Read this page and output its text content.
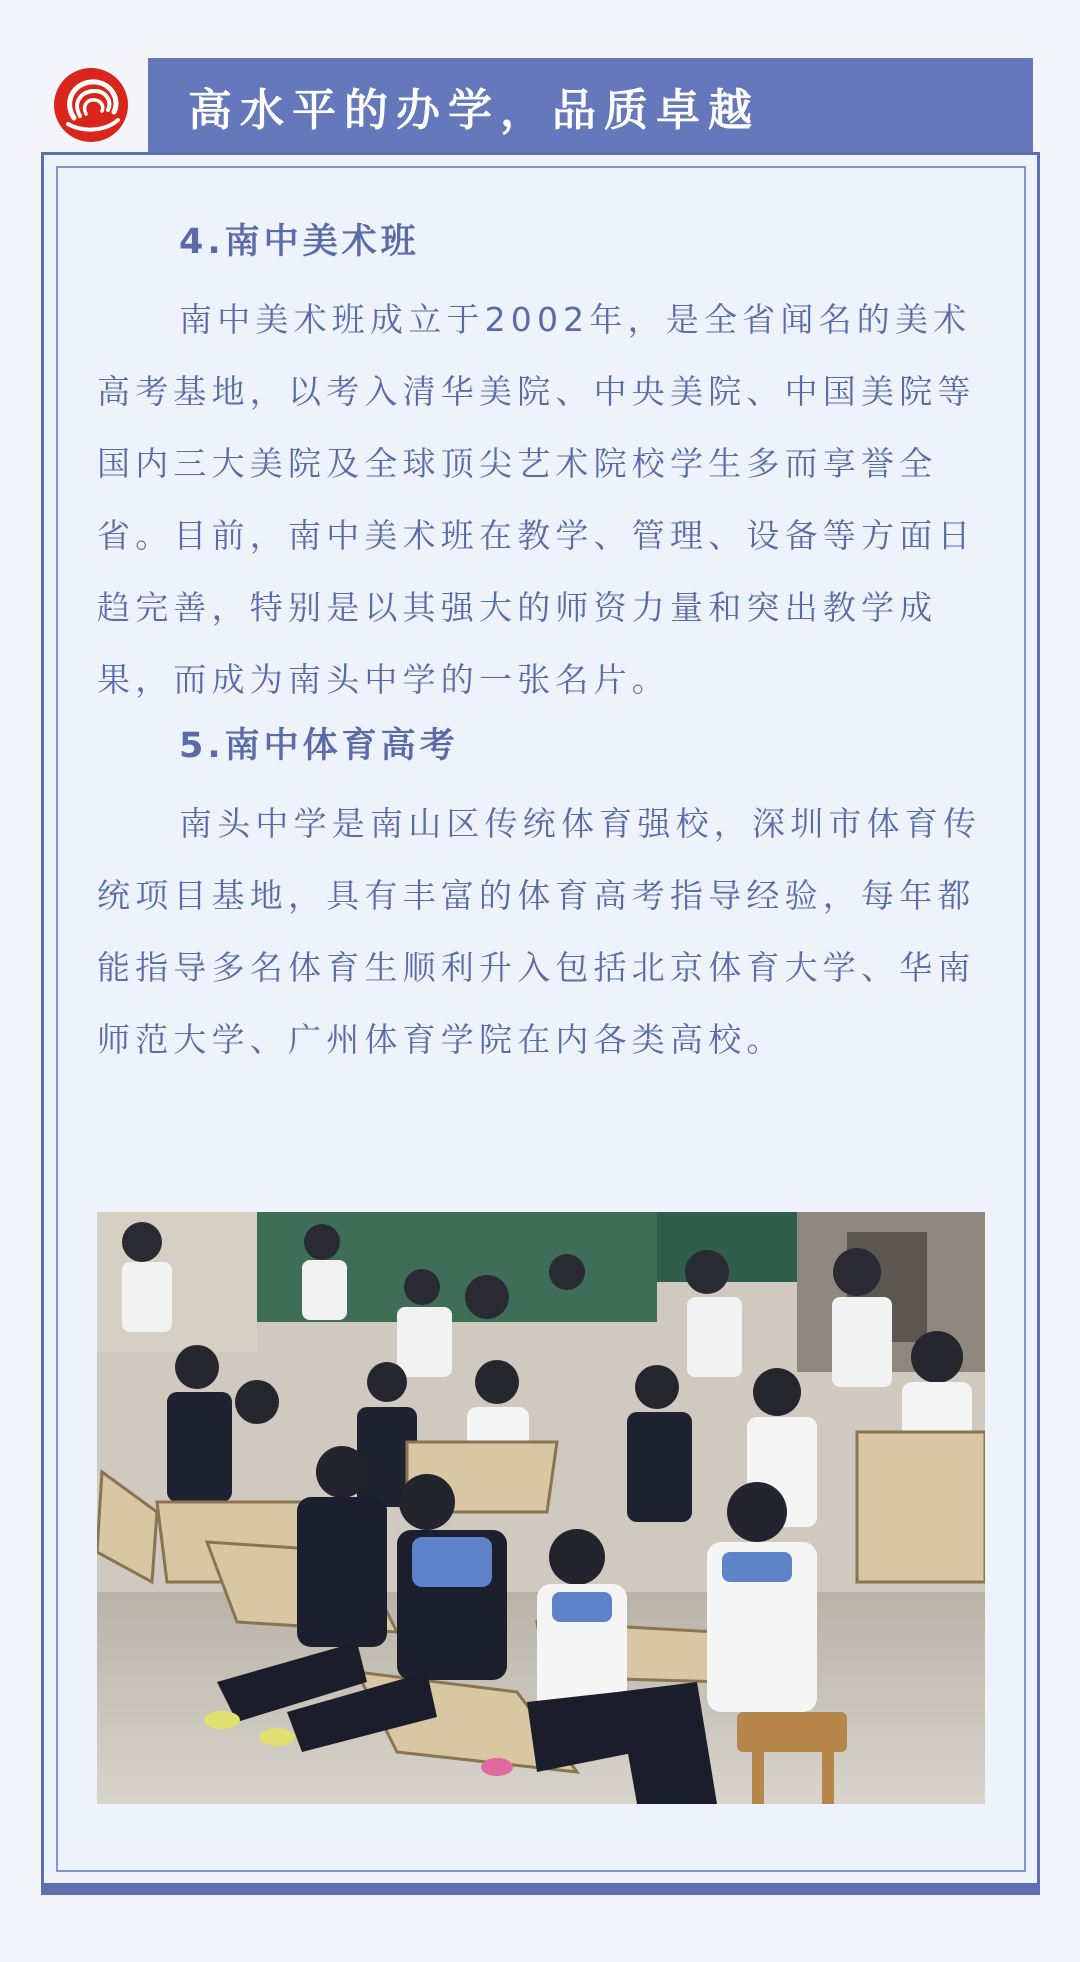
高水平的办学，品质卓越
4.南中美术班

南中美术班成立于2002年，是全省闻名的美术高考基地，以考入清华美院、中央美院、中国美院等国内三大美院及全球顶尖艺术院校学生多而享誉全省。目前，南中美术班在教学、管理、设备等方面日趋完善，特别是以其强大的师资力量和突出教学成果，而成为南头中学的一张名片。

5.南中体育高考

南头中学是南山区传统体育强校，深圳市体育传统项目基地，具有丰富的体育高考指导经验，每年都能指导多名体育生顺利升入包括北京体育大学、华南师范大学、广州体育学院在内各类高校。
